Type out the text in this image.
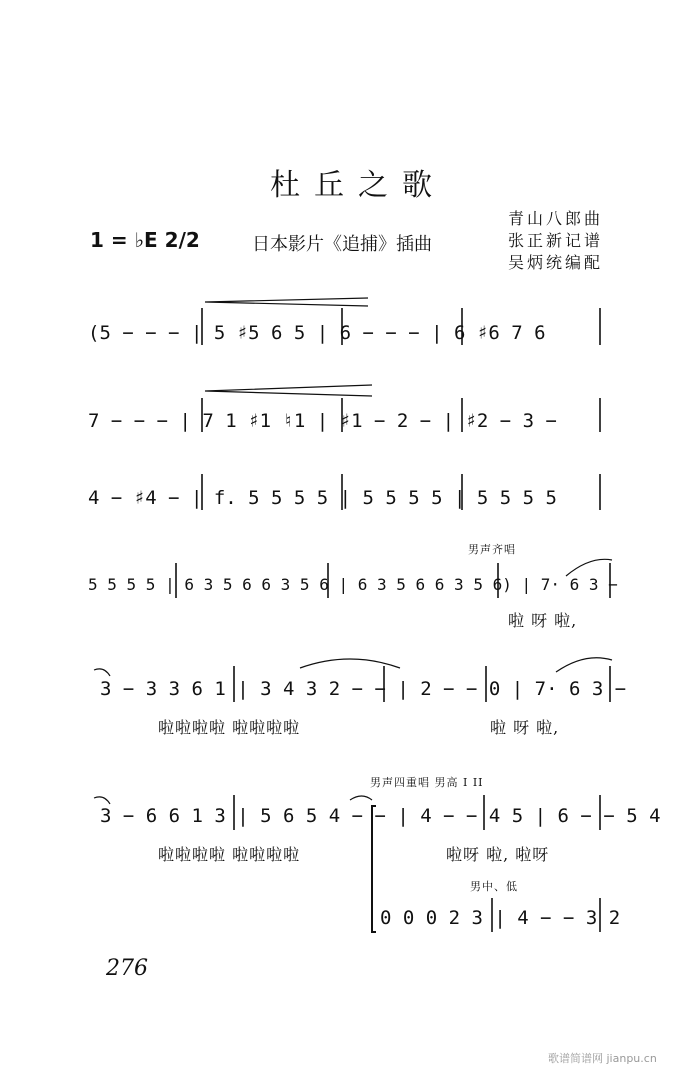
杜丘之歌
1 = ♭E 2/2	日本影片《追捕》插曲
青山八郎曲
张正新记谱
吴炳统编配
(5 − − − | 5 ♯5 6 5 | 6 − − − | 6 ♯6 7 6
7 − − − | 7 1 ♯1 ♮1 | ♯1 − 2 − | ♯2 − 3 −
4 − ♯4 − | f. 5 5 5 5 | 5 5 5 5 | 5 5 5 5
男声齐唱
5 5 5 5 | 6 3 5 6 6 3 5 6 | 6 3 5 6 6 3 5 6) | 7· 6 3 −
啦 呀 啦,
3 − 3 3 6 1 | 3 4 3 2 − − | 2 − − 0 | 7· 6 3 −
啦啦啦啦 啦啦啦啦	啦 呀 啦,
男声四重唱 男高 I II
3 − 6 6 1 3 | 5 6 5 4 − − | 4 − − 4 5 | 6 − − 5 4
啦啦啦啦 啦啦啦啦	啦呀 啦, 啦呀
男中、低
0 0 0 2 3 | 4 − − 3 2
276
歌谱简谱网 jianpu.cn
